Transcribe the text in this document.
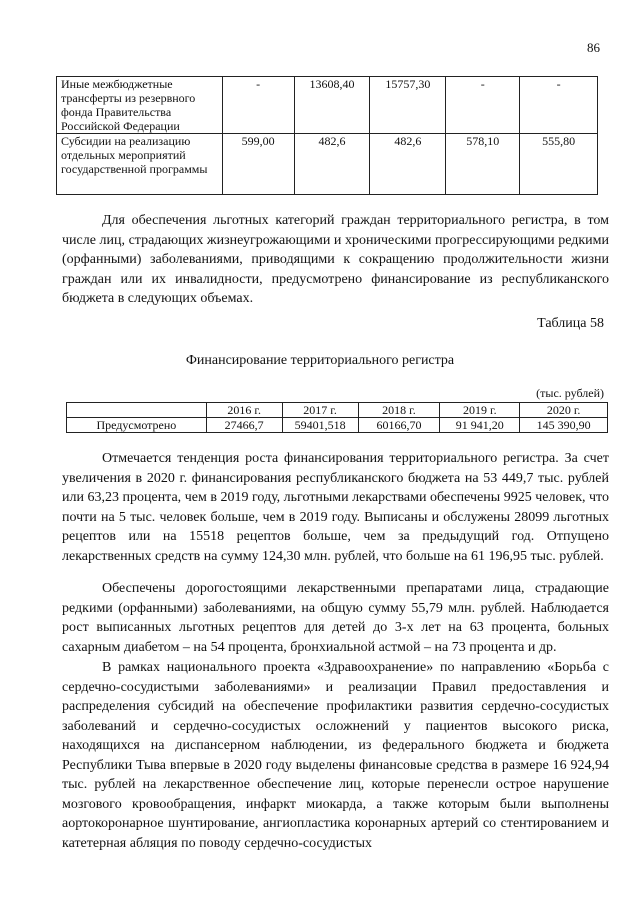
86
Иные межбюджетные трансферты из резервного фонда Правительства Российской Федерации	-	13608,40	15757,30	-	-
Субсидии на реализацию отдельных мероприятий государственной программы	599,00	482,6	482,6	578,10	555,80

Для обеспечения льготных категорий граждан территориального регистра, в том числе лиц, страдающих жизнеугрожающими и хроническими прогрессирующими редкими (орфанными) заболеваниями, приводящими к сокращению продолжительности жизни граждан или их инвалидности, предусмотрено финансирование из республиканского бюджета в следующих объемах.

Таблица 58
Финансирование территориального регистра
(тыс. рублей)
	2016 г.	2017 г.	2018 г.	2019 г.	2020 г.
Предусмотрено	27466,7	59401,518	60166,70	91 941,20	145 390,90

Отмечается тенденция роста финансирования территориального регистра. За счет увеличения в 2020 г. финансирования республиканского бюджета на 53 449,7 тыс. рублей или 63,23 процента, чем в 2019 году, льготными лекарствами обеспечены 9925 человек, что почти на 5 тыс. человек больше, чем в 2019 году. Выписаны и обслужены 28099 льготных рецептов или на 15518 рецептов больше, чем за предыдущий год. Отпущено лекарственных средств на сумму 124,30 млн. рублей, что больше на 61 196,95 тыс. рублей.

Обеспечены дорогостоящими лекарственными препаратами лица, страдающие редкими (орфанными) заболеваниями, на общую сумму 55,79 млн. рублей. Наблюдается рост выписанных льготных рецептов для детей до 3-х лет на 63 процента, больных сахарным диабетом – на 54 процента, бронхиальной астмой – на 73 процента и др.

В рамках национального проекта «Здравоохранение» по направлению «Борьба с сердечно-сосудистыми заболеваниями» и реализации Правил предоставления и распределения субсидий на обеспечение профилактики развития сердечно-сосудистых заболеваний и сердечно-сосудистых осложнений у пациентов высокого риска, находящихся на диспансерном наблюдении, из федерального бюджета и бюджета Республики Тыва впервые в 2020 году выделены финансовые средства в размере 16 924,94 тыс. рублей на лекарственное обеспечение лиц, которые перенесли острое нарушение мозгового кровообращения, инфаркт миокарда, а также которым были выполнены аортокоронарное шунтирование, ангиопластика коронарных артерий со стентированием и катетерная абляция по поводу сердечно-сосудистых
